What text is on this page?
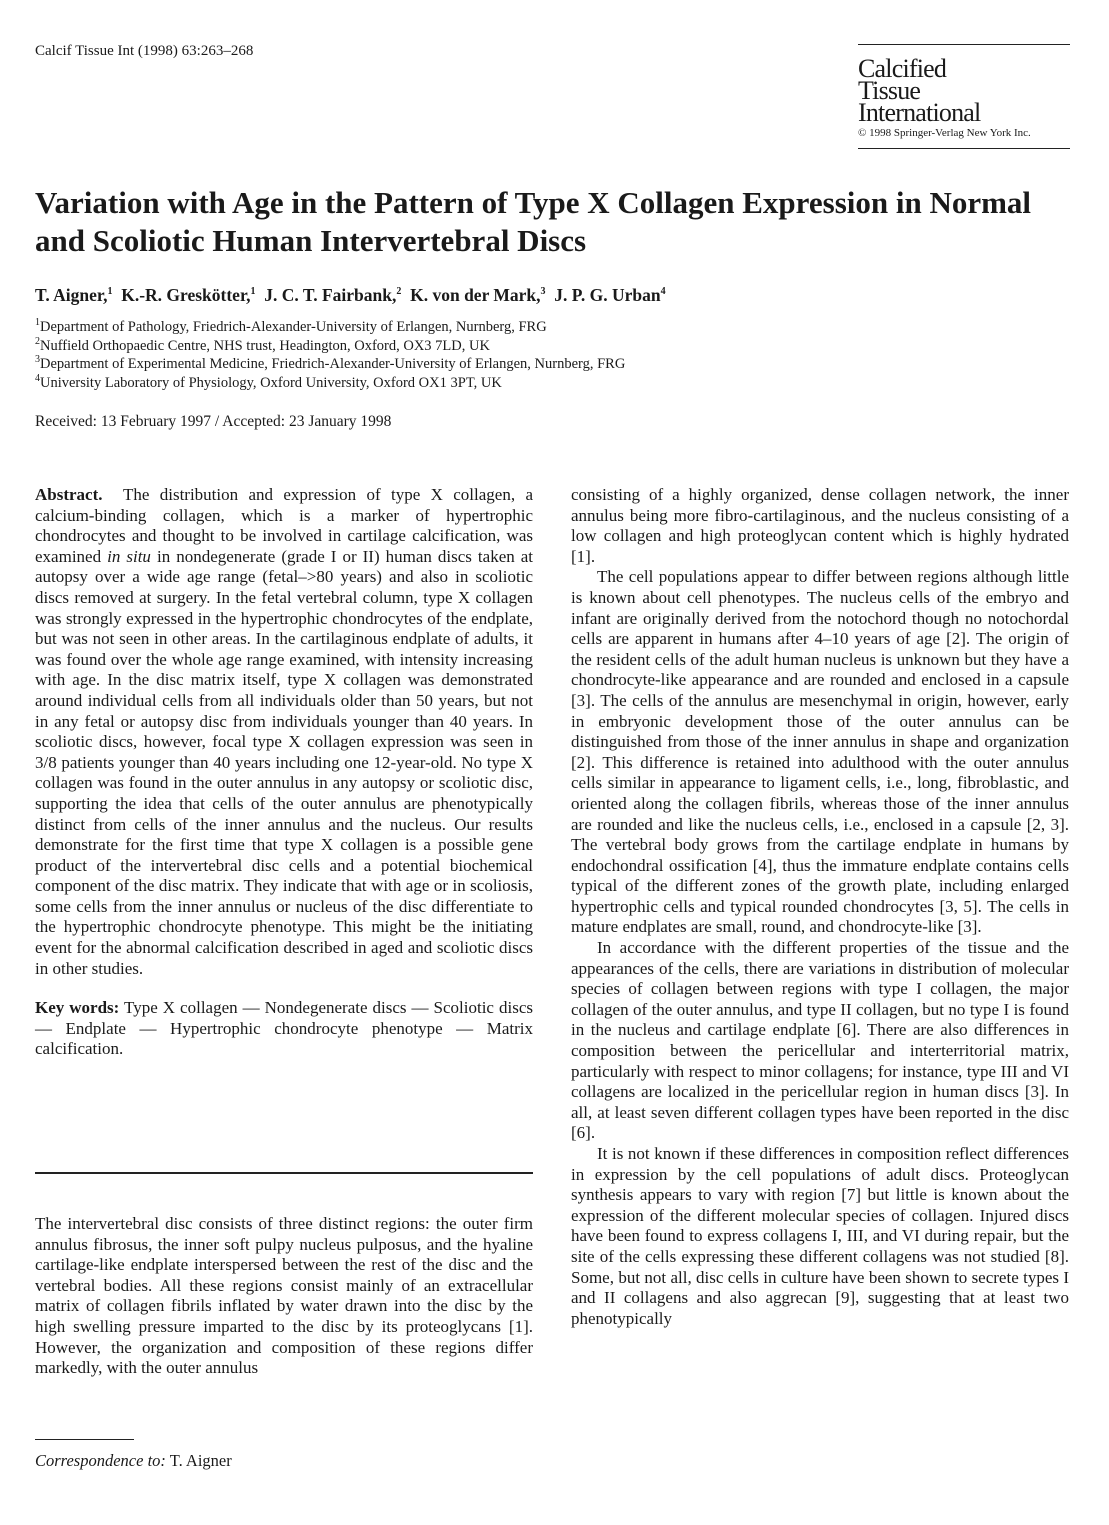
Calcif Tissue Int (1998) 63:263–268
Calcified
Tissue
International
© 1998 Springer-Verlag New York Inc.
Variation with Age in the Pattern of Type X Collagen Expression in Normal and Scoliotic Human Intervertebral Discs
T. Aigner,$^1$ K.-R. Greskötter,$^1$ J. C. T. Fairbank,$^2$ K. von der Mark,$^3$ J. P. G. Urban$^4$
$^1$Department of Pathology, Friedrich-Alexander-University of Erlangen, Nurnberg, FRG
$^2$Nuffield Orthopaedic Centre, NHS trust, Headington, Oxford, OX3 7LD, UK
$^3$Department of Experimental Medicine, Friedrich-Alexander-University of Erlangen, Nurnberg, FRG
$^4$University Laboratory of Physiology, Oxford University, Oxford OX1 3PT, UK
Received: 13 February 1997 / Accepted: 23 January 1998

Abstract. The distribution and expression of type X collagen, a calcium-binding collagen, which is a marker of hypertrophic chondrocytes and thought to be involved in cartilage calcification, was examined in situ in nondegenerate (grade I or II) human discs taken at autopsy over a wide age range (fetal–>80 years) and also in scoliotic discs removed at surgery. In the fetal vertebral column, type X collagen was strongly expressed in the hypertrophic chondrocytes of the endplate, but was not seen in other areas. In the cartilaginous endplate of adults, it was found over the whole age range examined, with intensity increasing with age. In the disc matrix itself, type X collagen was demonstrated around individual cells from all individuals older than 50 years, but not in any fetal or autopsy disc from individuals younger than 40 years. In scoliotic discs, however, focal type X collagen expression was seen in 3/8 patients younger than 40 years including one 12-year-old. No type X collagen was found in the outer annulus in any autopsy or scoliotic disc, supporting the idea that cells of the outer annulus are phenotypically distinct from cells of the inner annulus and the nucleus. Our results demonstrate for the first time that type X collagen is a possible gene product of the intervertebral disc cells and a potential biochemical component of the disc matrix. They indicate that with age or in scoliosis, some cells from the inner annulus or nucleus of the disc differentiate to the hypertrophic chondrocyte phenotype. This might be the initiating event for the abnormal calcification described in aged and scoliotic discs in other studies.

Key words: Type X collagen — Nondegenerate discs — Scoliotic discs — Endplate — Hypertrophic chondrocyte phenotype — Matrix calcification.

The intervertebral disc consists of three distinct regions: the outer firm annulus fibrosus, the inner soft pulpy nucleus pulposus, and the hyaline cartilage-like endplate interspersed between the rest of the disc and the vertebral bodies. All these regions consist mainly of an extracellular matrix of collagen fibrils inflated by water drawn into the disc by the high swelling pressure imparted to the disc by its proteoglycans [1]. However, the organization and composition of these regions differ markedly, with the outer annulus

Correspondence to: T. Aigner

consisting of a highly organized, dense collagen network, the inner annulus being more fibro-cartilaginous, and the nucleus consisting of a low collagen and high proteoglycan content which is highly hydrated [1].

The cell populations appear to differ between regions although little is known about cell phenotypes. The nucleus cells of the embryo and infant are originally derived from the notochord though no notochordal cells are apparent in humans after 4–10 years of age [2]. The origin of the resident cells of the adult human nucleus is unknown but they have a chondrocyte-like appearance and are rounded and enclosed in a capsule [3]. The cells of the annulus are mesenchymal in origin, however, early in embryonic development those of the outer annulus can be distinguished from those of the inner annulus in shape and organization [2]. This difference is retained into adulthood with the outer annulus cells similar in appearance to ligament cells, i.e., long, fibroblastic, and oriented along the collagen fibrils, whereas those of the inner annulus are rounded and like the nucleus cells, i.e., enclosed in a capsule [2, 3]. The vertebral body grows from the cartilage endplate in humans by endochondral ossification [4], thus the immature endplate contains cells typical of the different zones of the growth plate, including enlarged hypertrophic cells and typical rounded chondrocytes [3, 5]. The cells in mature endplates are small, round, and chondrocyte-like [3].

In accordance with the different properties of the tissue and the appearances of the cells, there are variations in distribution of molecular species of collagen between regions with type I collagen, the major collagen of the outer annulus, and type II collagen, but no type I is found in the nucleus and cartilage endplate [6]. There are also differences in composition between the pericellular and interterritorial matrix, particularly with respect to minor collagens; for instance, type III and VI collagens are localized in the pericellular region in human discs [3]. In all, at least seven different collagen types have been reported in the disc [6].

It is not known if these differences in composition reflect differences in expression by the cell populations of adult discs. Proteoglycan synthesis appears to vary with region [7] but little is known about the expression of the different molecular species of collagen. Injured discs have been found to express collagens I, III, and VI during repair, but the site of the cells expressing these different collagens was not studied [8]. Some, but not all, disc cells in culture have been shown to secrete types I and II collagens and also aggrecan [9], suggesting that at least two phenotypically
